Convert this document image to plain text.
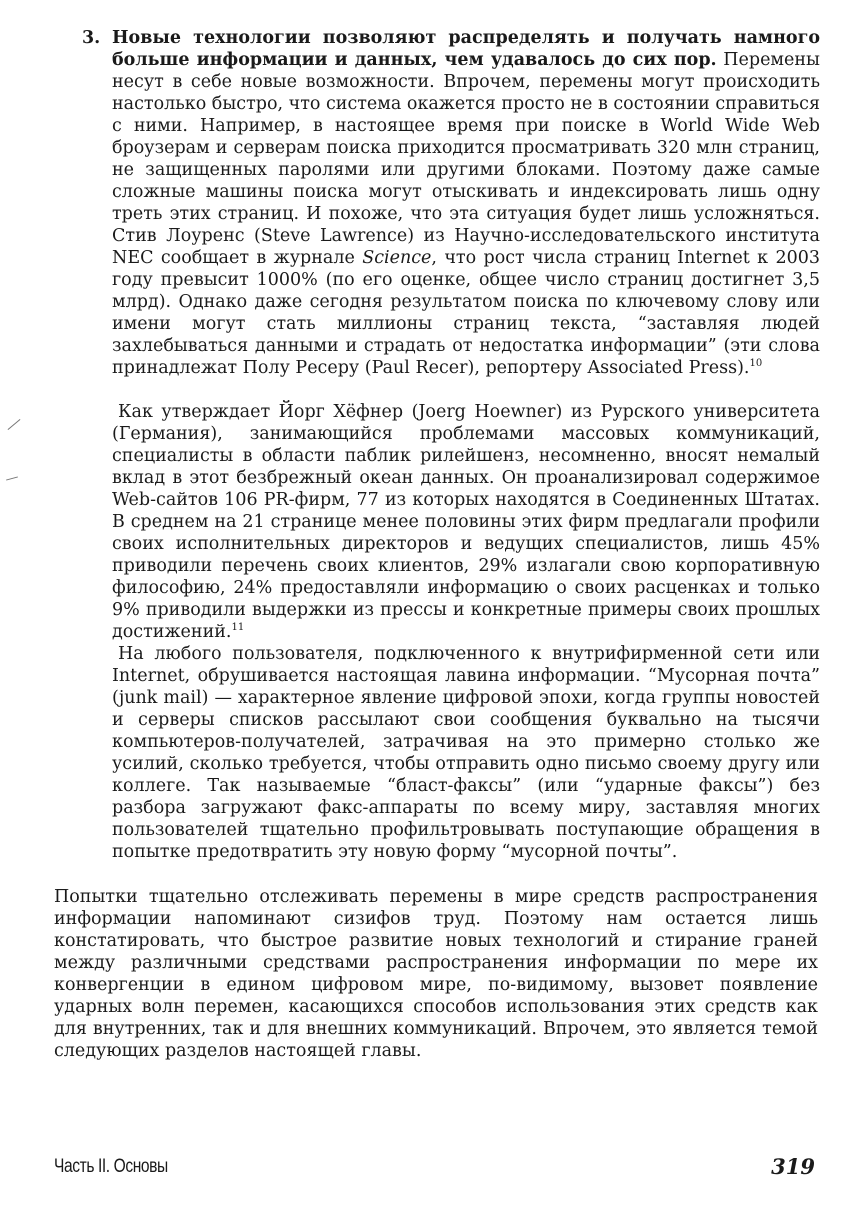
3. Новые технологии позволяют распределять и получать намного больше информации и данных, чем удавалось до сих пор. Перемены несут в себе новые возможности. Впрочем, перемены могут происходить настолько быстро, что система окажется просто не в состоянии справиться с ними. Например, в настоящее время при поиске в World Wide Web броузерам и серверам поиска приходится просматривать 320 млн страниц, не защищенных паролями или другими блоками. Поэтому даже самые сложные машины поиска могут отыскивать и индексировать лишь одну треть этих страниц. И похоже, что эта ситуация будет лишь усложняться. Стив Лоуренс (Steve Lawrence) из Научно-исследовательского института NEC сообщает в журнале Science, что рост числа страниц Internet к 2003 году превысит 1000% (по его оценке, общее число страниц достигнет 3,5 млрд). Однако даже сегодня результатом поиска по ключевому слову или имени могут стать миллионы страниц текста, “заставляя людей захлебываться данными и страдать от недостатка информации” (эти слова принадлежат Полу Ресеру (Paul Recer), репортеру Associated Press).$^{10}$

Как утверждает Йорг Хёфнер (Joerg Hoewner) из Рурского университета (Германия), занимающийся проблемами массовых коммуникаций, специалисты в области паблик рилейшенз, несомненно, вносят немалый вклад в этот безбрежный океан данных. Он проанализировал содержимое Web-сайтов 106 PR-фирм, 77 из которых находятся в Соединенных Штатах. В среднем на 21 странице менее половины этих фирм предлагали профили своих исполнительных директоров и ведущих специалистов, лишь 45% приводили перечень своих клиентов, 29% излагали свою корпоративную философию, 24% предоставляли информацию о своих расценках и только 9% приводили выдержки из прессы и конкретные примеры своих прошлых достижений.$^{11}$

На любого пользователя, подключенного к внутрифирменной сети или Internet, обрушивается настоящая лавина информации. “Мусорная почта” (junk mail) — характерное явление цифровой эпохи, когда группы новостей и серверы списков рассылают свои сообщения буквально на тысячи компьютеров-получателей, затрачивая на это примерно столько же усилий, сколько требуется, чтобы отправить одно письмо своему другу или коллеге. Так называемые “бласт-факсы” (или “ударные факсы”) без разбора загружают факс-аппараты по всему миру, заставляя многих пользователей тщательно профильтровывать поступающие обращения в попытке предотвратить эту новую форму “мусорной почты”.

Попытки тщательно отслеживать перемены в мире средств распространения информации напоминают сизифов труд. Поэтому нам остается лишь констатировать, что быстрое развитие новых технологий и стирание граней между различными средствами распространения информации по мере их конвергенции в едином цифровом мире, по-видимому, вызовет появление ударных волн перемен, касающихся способов использования этих средств как для внутренних, так и для внешних коммуникаций. Впрочем, это является темой следующих разделов настоящей главы.

Часть II. Основы	319
